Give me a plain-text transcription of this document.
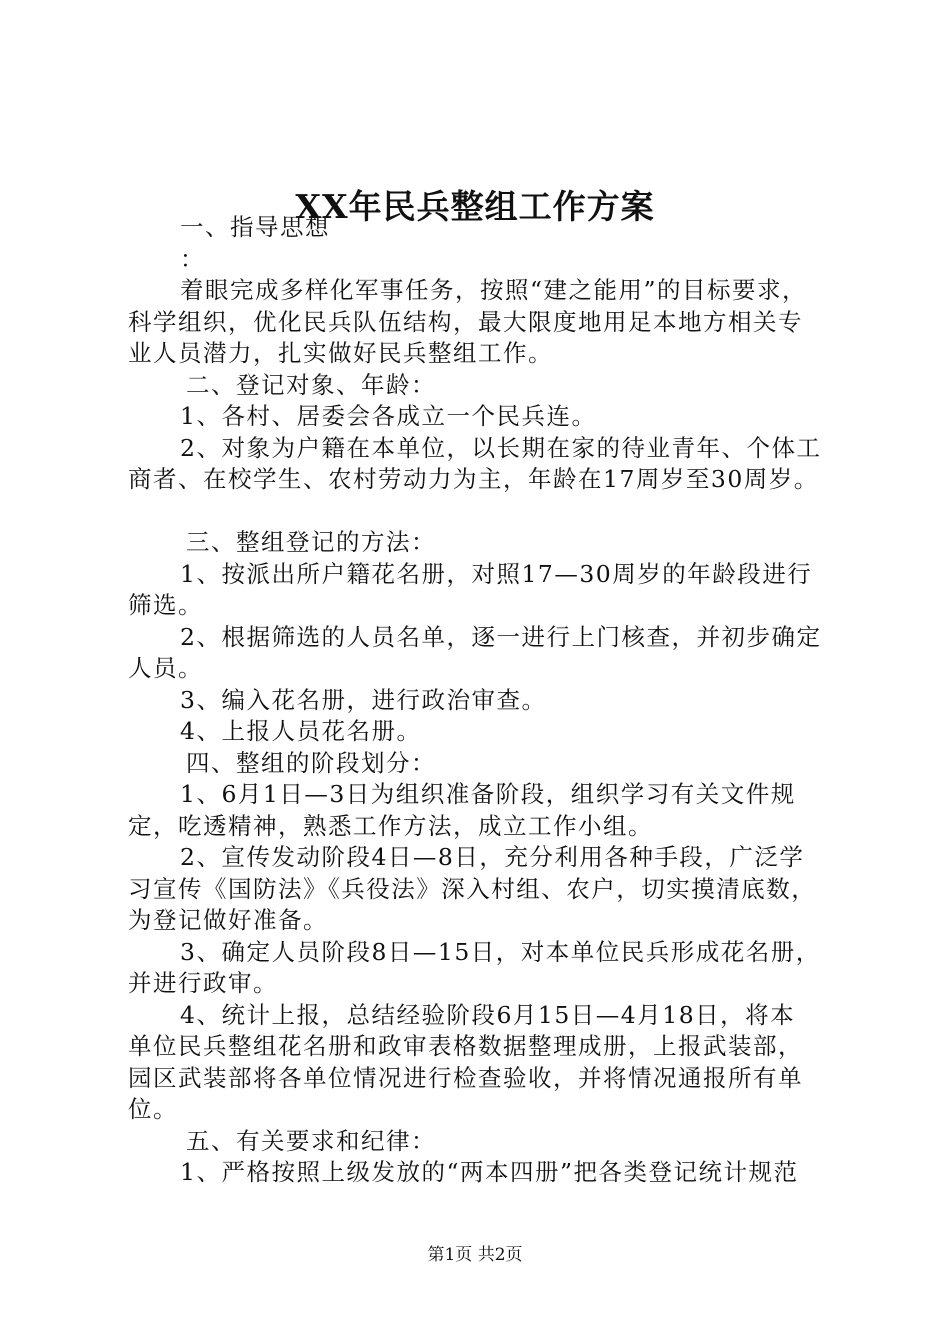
XX年民兵整组工作方案
一、指导思想
：
着眼完成多样化军事任务，按照“建之能用”的目标要求，
科学组织，优化民兵队伍结构，最大限度地用足本地方相关专
业人员潜力，扎实做好民兵整组工作。
二、登记对象、年龄：
1、各村、居委会各成立一个民兵连。
2、对象为户籍在本单位，以长期在家的待业青年、个体工
商者、在校学生、农村劳动力为主，年龄在17周岁至30周岁。
三、整组登记的方法：
1、按派出所户籍花名册，对照17—30周岁的年龄段进行
筛选。
2、根据筛选的人员名单，逐一进行上门核查，并初步确定
人员。
3、编入花名册，进行政治审查。
4、上报人员花名册。
四、整组的阶段划分：
1、6月1日—3日为组织准备阶段，组织学习有关文件规
定，吃透精神，熟悉工作方法，成立工作小组。
2、宣传发动阶段4日—8日，充分利用各种手段，广泛学
习宣传《国防法》《兵役法》深入村组、农户，切实摸清底数，
为登记做好准备。
3、确定人员阶段8日—15日，对本单位民兵形成花名册，
并进行政审。
4、统计上报，总结经验阶段6月15日—4月18日，将本
单位民兵整组花名册和政审表格数据整理成册，上报武装部，
园区武装部将各单位情况进行检查验收，并将情况通报所有单
位。
五、有关要求和纪律：
1、严格按照上级发放的“两本四册”把各类登记统计规范
第1页 共2页
